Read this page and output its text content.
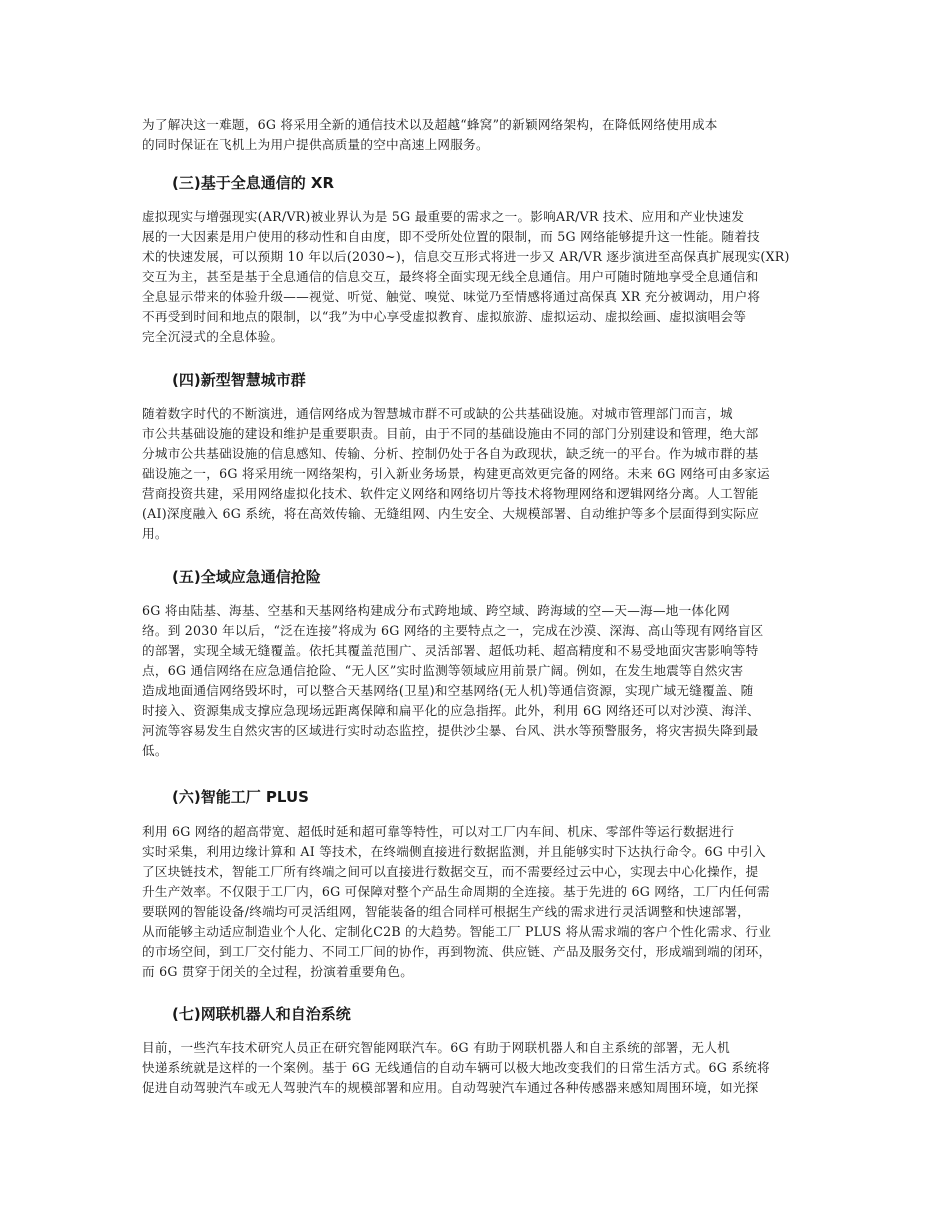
为了解决这一难题，6G 将采用全新的通信技术以及超越“蜂窝”的新颖网络架构，在降低网络使用成本
的同时保证在飞机上为用户提供高质量的空中高速上网服务。
(三)基于全息通信的 XR
虚拟现实与增强现实(AR/VR)被业界认为是 5G 最重要的需求之一。影响AR/VR 技术、应用和产业快速发
展的一大因素是用户使用的移动性和自由度，即不受所处位置的限制，而 5G 网络能够提升这一性能。随着技
术的快速发展，可以预期 10 年以后(2030~)，信息交互形式将进一步又 AR/VR 逐步演进至高保真扩展现实(XR)
交互为主，甚至是基于全息通信的信息交互，最终将全面实现无线全息通信。用户可随时随地享受全息通信和
全息显示带来的体验升级——视觉、听觉、触觉、嗅觉、味觉乃至情感将通过高保真 XR 充分被调动，用户将
不再受到时间和地点的限制，以“我”为中心享受虚拟教育、虚拟旅游、虚拟运动、虚拟绘画、虚拟演唱会等
完全沉浸式的全息体验。
(四)新型智慧城市群
随着数字时代的不断演进，通信网络成为智慧城市群不可或缺的公共基础设施。对城市管理部门而言，城
市公共基础设施的建设和维护是重要职责。目前，由于不同的基础设施由不同的部门分别建设和管理，绝大部
分城市公共基础设施的信息感知、传输、分析、控制仍处于各自为政现状，缺乏统一的平台。作为城市群的基
础设施之一，6G 将采用统一网络架构，引入新业务场景，构建更高效更完备的网络。未来 6G 网络可由多家运
营商投资共建，采用网络虚拟化技术、软件定义网络和网络切片等技术将物理网络和逻辑网络分离。人工智能
(AI)深度融入 6G 系统，将在高效传输、无缝组网、内生安全、大规模部署、自动维护等多个层面得到实际应
用。
(五)全域应急通信抢险
6G 将由陆基、海基、空基和天基网络构建成分布式跨地域、跨空域、跨海域的空—天—海—地一体化网
络。到 2030 年以后，“泛在连接”将成为 6G 网络的主要特点之一，完成在沙漠、深海、高山等现有网络盲区
的部署，实现全域无缝覆盖。依托其覆盖范围广、灵活部署、超低功耗、超高精度和不易受地面灾害影响等特
点，6G 通信网络在应急通信抢险、“无人区”实时监测等领域应用前景广阔。例如，在发生地震等自然灾害
造成地面通信网络毁坏时，可以整合天基网络(卫星)和空基网络(无人机)等通信资源，实现广域无缝覆盖、随
时接入、资源集成支撑应急现场远距离保障和扁平化的应急指挥。此外，利用 6G 网络还可以对沙漠、海洋、
河流等容易发生自然灾害的区域进行实时动态监控，提供沙尘暴、台风、洪水等预警服务，将灾害损失降到最
低。
(六)智能工厂 PLUS
利用 6G 网络的超高带宽、超低时延和超可靠等特性，可以对工厂内车间、机床、零部件等运行数据进行
实时采集，利用边缘计算和 AI 等技术，在终端侧直接进行数据监测，并且能够实时下达执行命令。6G 中引入
了区块链技术，智能工厂所有终端之间可以直接进行数据交互，而不需要经过云中心，实现去中心化操作，提
升生产效率。不仅限于工厂内，6G 可保障对整个产品生命周期的全连接。基于先进的 6G 网络，工厂内任何需
要联网的智能设备/终端均可灵活组网，智能装备的组合同样可根据生产线的需求进行灵活调整和快速部署，
从而能够主动适应制造业个人化、定制化C2B 的大趋势。智能工厂 PLUS 将从需求端的客户个性化需求、行业
的市场空间，到工厂交付能力、不同工厂间的协作，再到物流、供应链、产品及服务交付，形成端到端的闭环，
而 6G 贯穿于闭关的全过程，扮演着重要角色。
(七)网联机器人和自治系统
目前，一些汽车技术研究人员正在研究智能网联汽车。6G 有助于网联机器人和自主系统的部署，无人机
快递系统就是这样的一个案例。基于 6G 无线通信的自动车辆可以极大地改变我们的日常生活方式。6G 系统将
促进自动驾驶汽车或无人驾驶汽车的规模部署和应用。自动驾驶汽车通过各种传感器来感知周围环境，如光探
